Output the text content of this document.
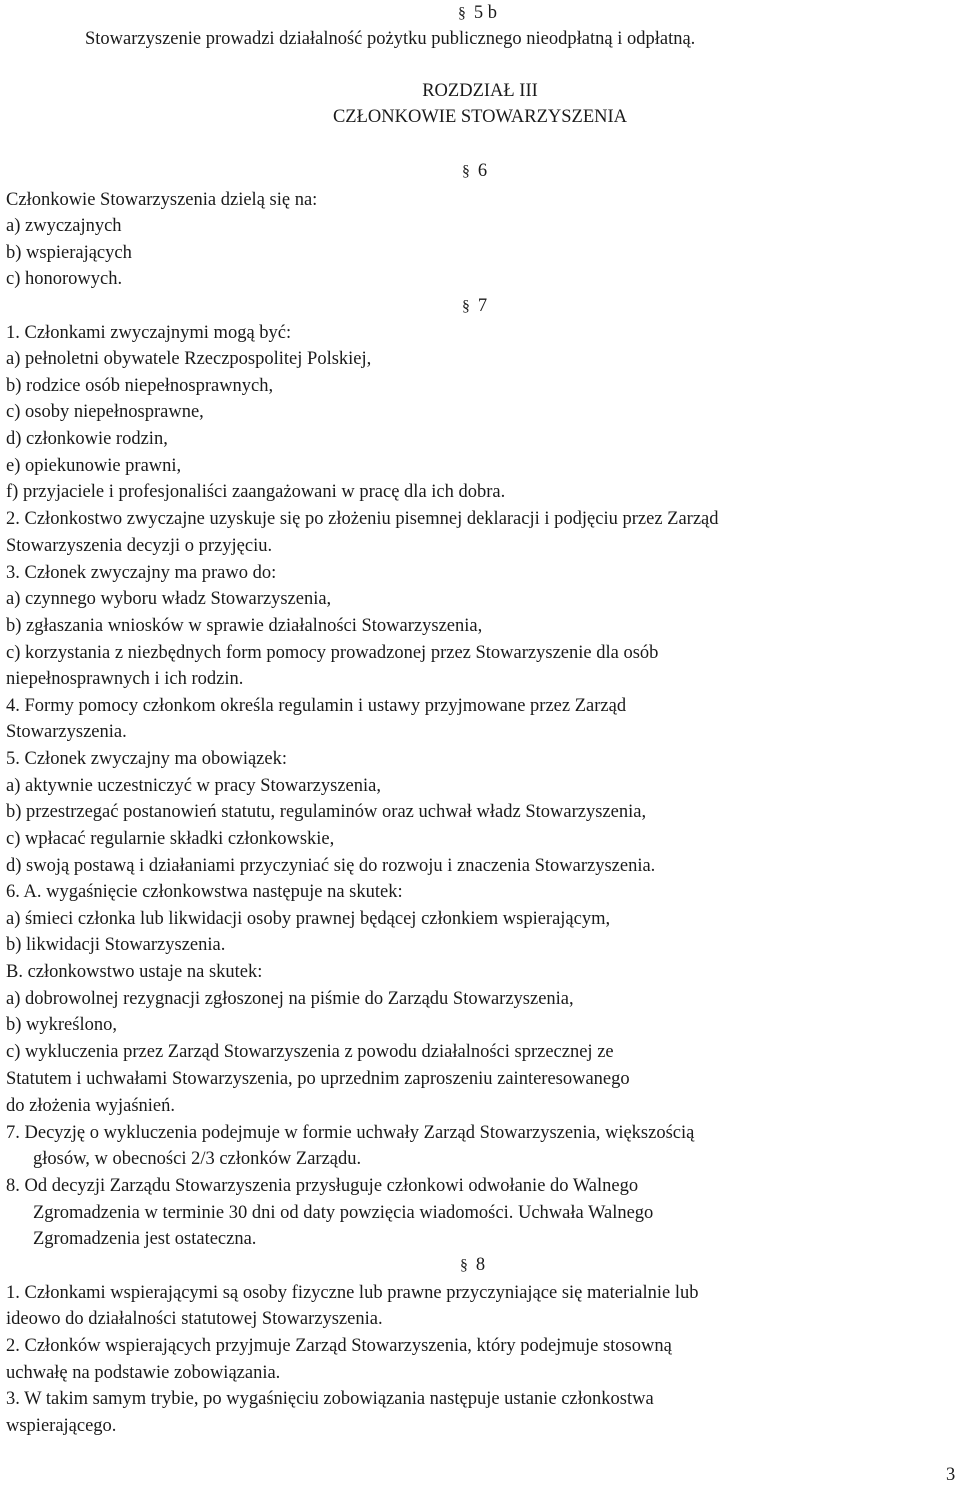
§ 5 b
Stowarzyszenie prowadzi działalność pożytku publicznego nieodpłatną i odpłatną.
ROZDZIAŁ III
CZŁONKOWIE STOWARZYSZENIA
§ 6
Członkowie Stowarzyszenia dzielą się na:
a) zwyczajnych
b) wspierających
c) honorowych.
§ 7
1. Członkami zwyczajnymi mogą być:
a) pełnoletni obywatele Rzeczpospolitej Polskiej,
b) rodzice osób niepełnosprawnych,
c) osoby niepełnosprawne,
d) członkowie rodzin,
e) opiekunowie prawni,
f) przyjaciele i profesjonaliści zaangażowani w pracę dla ich dobra.
2. Członkostwo zwyczajne uzyskuje się po złożeniu pisemnej deklaracji i podjęciu przez Zarząd
Stowarzyszenia decyzji o przyjęciu.
3. Członek zwyczajny ma prawo do:
a) czynnego wyboru władz Stowarzyszenia,
b) zgłaszania wniosków w sprawie działalności Stowarzyszenia,
c) korzystania z niezbędnych form pomocy prowadzonej przez Stowarzyszenie dla osób
niepełnosprawnych i ich rodzin.
4. Formy pomocy członkom określa regulamin i ustawy przyjmowane przez Zarząd
Stowarzyszenia.
5. Członek zwyczajny ma obowiązek:
a) aktywnie uczestniczyć w pracy Stowarzyszenia,
b) przestrzegać postanowień statutu, regulaminów oraz uchwał władz Stowarzyszenia,
c) wpłacać regularnie składki członkowskie,
d) swoją postawą i działaniami przyczyniać się do rozwoju i znaczenia Stowarzyszenia.
6. A. wygaśnięcie członkowstwa następuje na skutek:
a) śmieci członka lub likwidacji osoby prawnej będącej członkiem wspierającym,
b) likwidacji Stowarzyszenia.
B. członkowstwo ustaje na skutek:
a) dobrowolnej rezygnacji zgłoszonej na piśmie do Zarządu Stowarzyszenia,
b) wykreślono,
c) wykluczenia przez Zarząd Stowarzyszenia z powodu działalności sprzecznej ze
Statutem i uchwałami Stowarzyszenia, po uprzednim zaproszeniu zainteresowanego
do złożenia wyjaśnień.
7. Decyzję o wykluczenia podejmuje w formie uchwały Zarząd Stowarzyszenia, większością
głosów, w obecności 2/3 członków Zarządu.
8. Od decyzji Zarządu Stowarzyszenia przysługuje członkowi odwołanie do Walnego
Zgromadzenia w terminie 30 dni od daty powzięcia wiadomości. Uchwała Walnego
Zgromadzenia jest ostateczna.
§ 8
1. Członkami wspierającymi są osoby fizyczne lub prawne przyczyniające się materialnie lub
ideowo do działalności statutowej Stowarzyszenia.
2. Członków wspierających przyjmuje Zarząd Stowarzyszenia, który podejmuje stosowną
uchwałę na podstawie zobowiązania.
3. W takim samym trybie, po wygaśnięciu zobowiązania następuje ustanie członkostwa
wspierającego.
3
